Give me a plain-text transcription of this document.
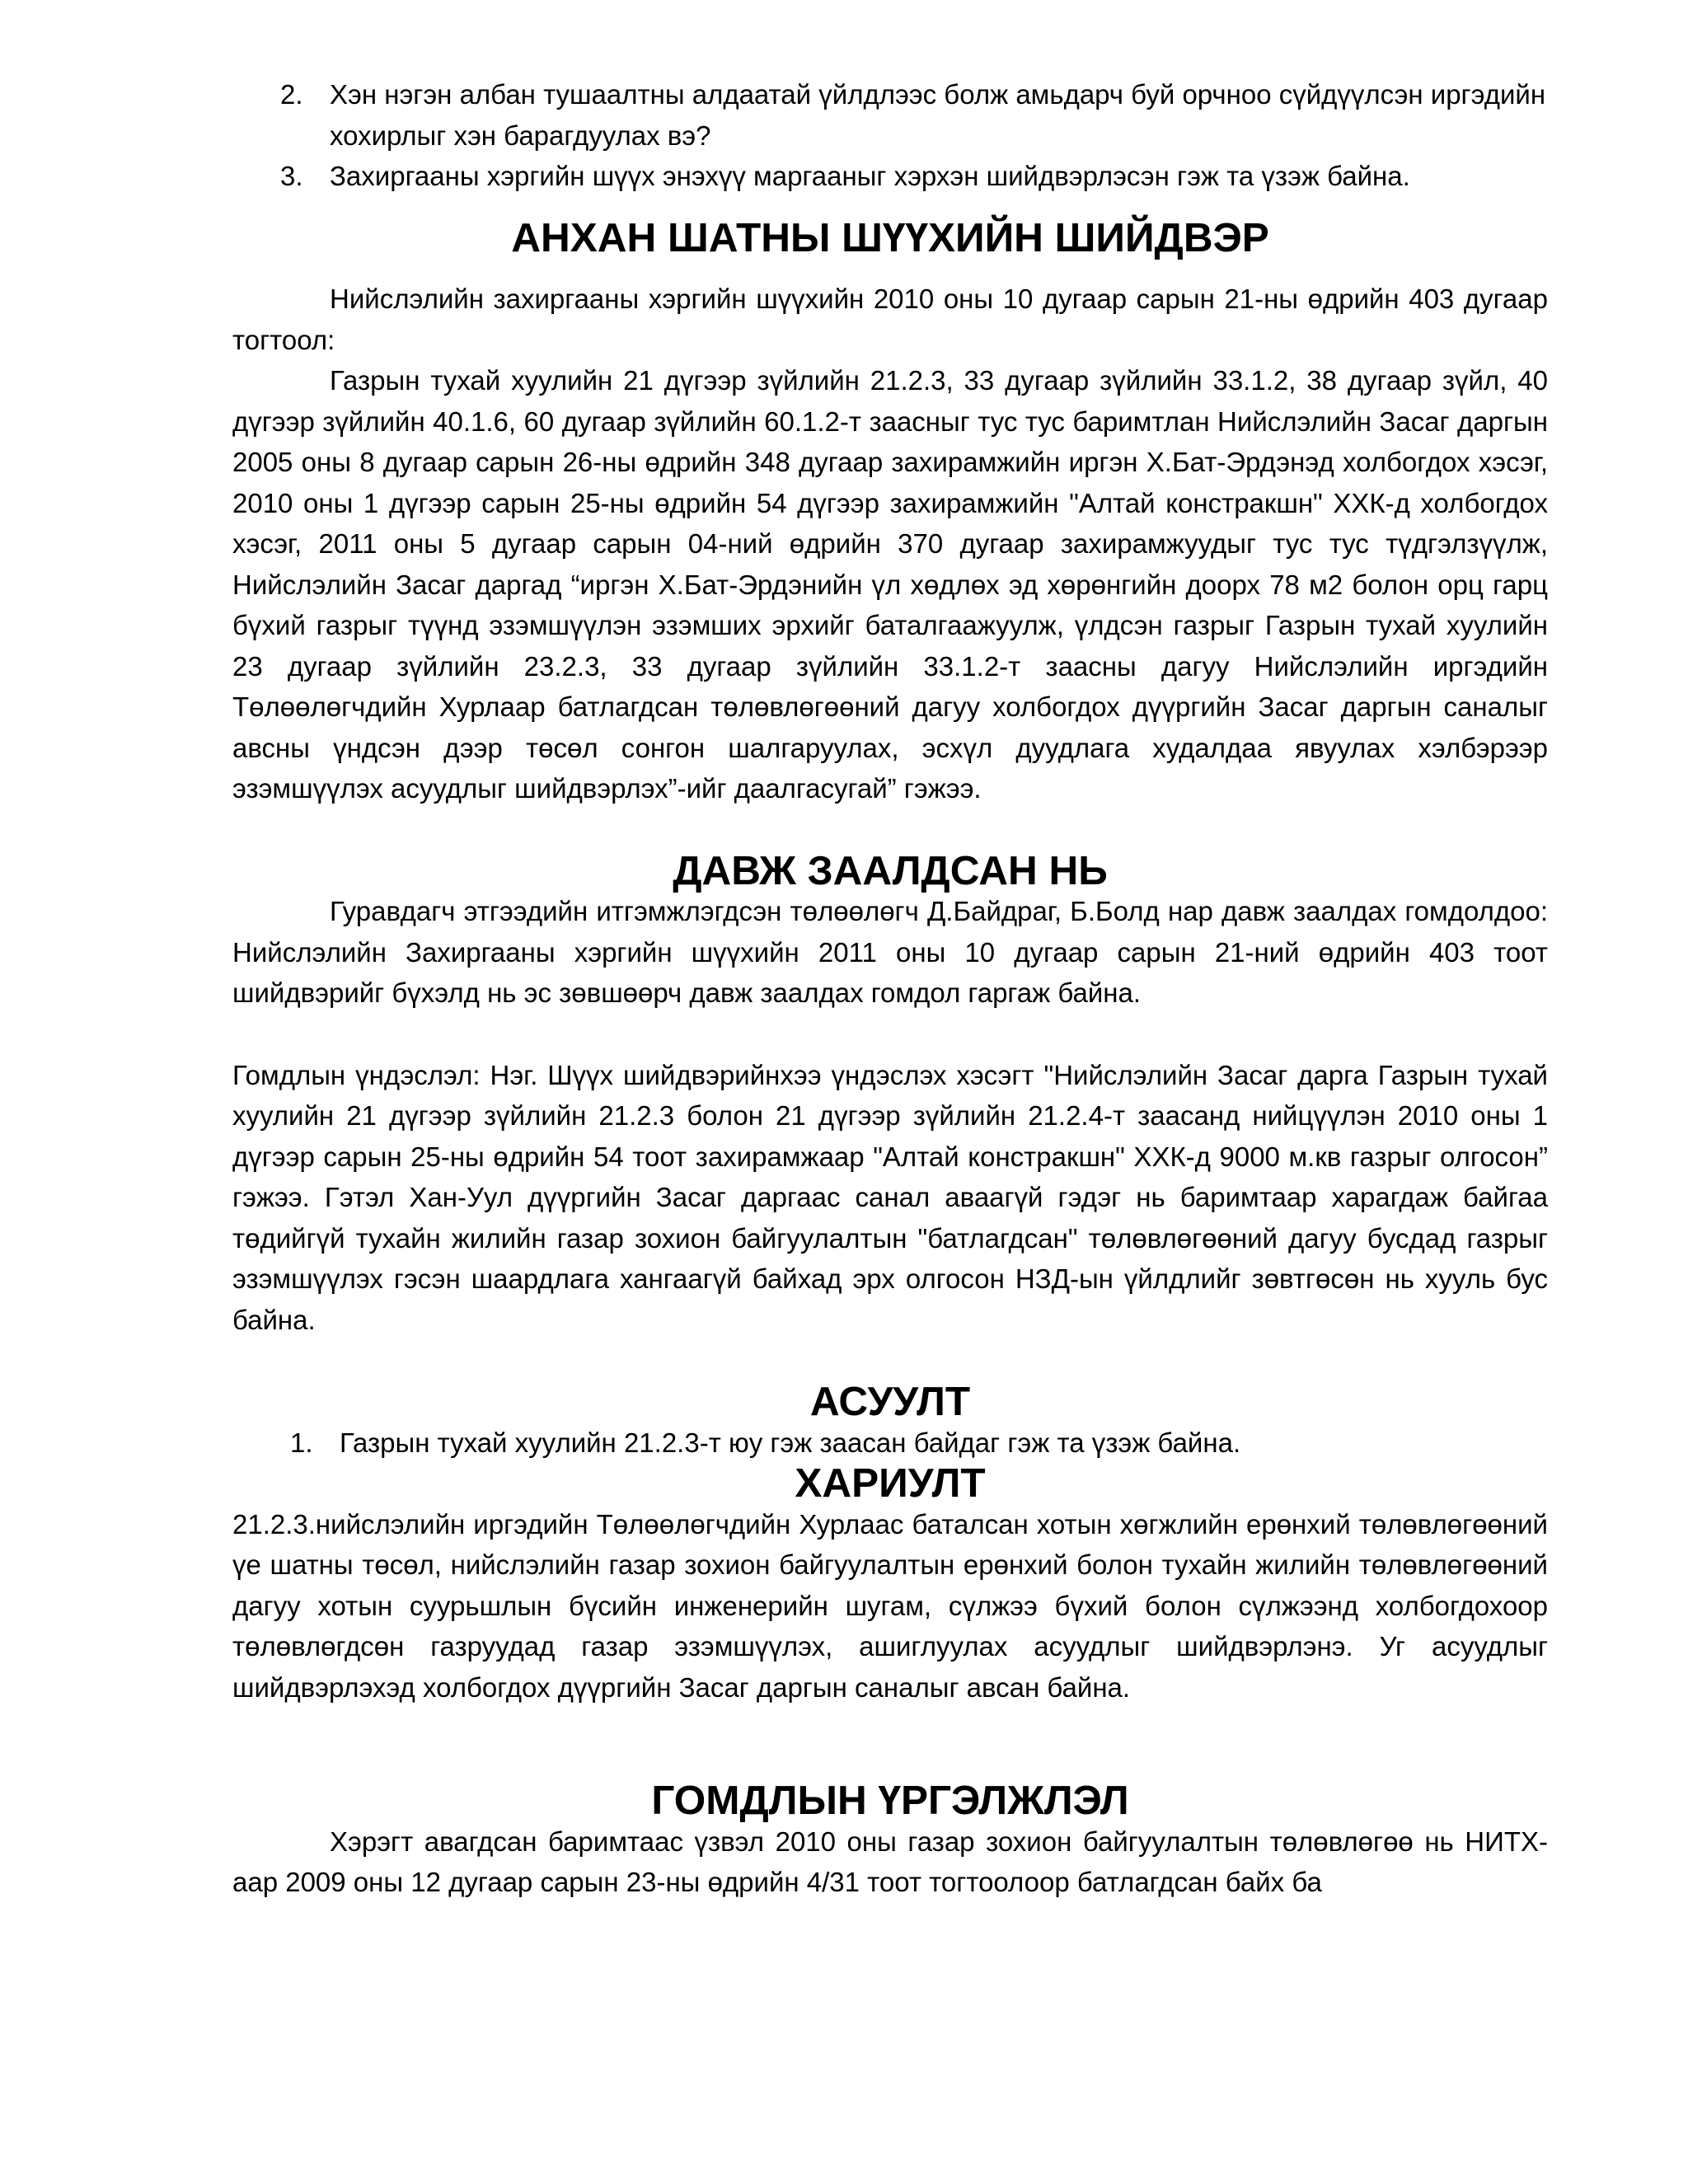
2. Хэн нэгэн албан тушаалтны алдаатай үйлдлээс болж амьдарч буй орчноо сүйдүүлсэн иргэдийн хохирлыг хэн барагдуулах вэ?
3. Захиргааны хэргийн шүүх энэхүү маргааныг хэрхэн шийдвэрлэсэн гэж та үзэж байна.
АНХАН ШАТНЫ ШҮҮХИЙН ШИЙДВЭР

Нийслэлийн захиргааны хэргийн шүүхийн 2010 оны 10 дугаар сарын 21-ны өдрийн 403 дугаар тогтоол:

Газрын тухай хуулийн 21 дүгээр зүйлийн 21.2.3, 33 дугаар зүйлийн 33.1.2, 38 дугаар зүйл, 40 дүгээр зүйлийн 40.1.6, 60 дугаар зүйлийн 60.1.2-т заасныг тус тус баримтлан Нийслэлийн Засаг даргын 2005 оны 8 дугаар сарын 26-ны өдрийн 348 дугаар захирамжийн иргэн Х.Бат-Эрдэнэд холбогдох хэсэг, 2010 оны 1 дүгээр сарын 25-ны өдрийн 54 дүгээр захирамжийн "Алтай констракшн" ХХК-д холбогдох хэсэг, 2011 оны 5 дугаар сарын 04-ний өдрийн 370 дугаар захирамжуудыг тус тус түдгэлзүүлж, Нийслэлийн Засаг даргад “иргэн Х.Бат-Эрдэнийн үл хөдлөх эд хөрөнгийн доорх 78 м2 болон орц гарц бүхий газрыг түүнд эзэмшүүлэн эзэмших эрхийг баталгаажуулж, үлдсэн газрыг Газрын тухай хуулийн 23 дугаар зүйлийн 23.2.3, 33 дугаар зүйлийн 33.1.2-т заасны дагуу Нийслэлийн иргэдийн Төлөөлөгчдийн Хурлаар батлагдсан төлөвлөгөөний дагуу холбогдох дүүргийн Засаг даргын саналыг авсны үндсэн дээр төсөл сонгон шалгаруулах, эсхүл дуудлага худалдаа явуулах хэлбэрээр эзэмшүүлэх асуудлыг шийдвэрлэх”-ийг даалгасугай” гэжээ.

ДАВЖ ЗААЛДСАН НЬ

Гуравдагч этгээдийн итгэмжлэгдсэн төлөөлөгч Д.Байдраг, Б.Болд нар давж заалдах гомдолдоо: Нийслэлийн Захиргааны хэргийн шүүхийн 2011 оны 10 дугаар сарын 21-ний өдрийн 403 тоот шийдвэрийг бүхэлд нь эс зөвшөөрч давж заалдах гомдол гаргаж байна.

Гомдлын үндэслэл: Нэг. Шүүх шийдвэрийнхээ үндэслэх хэсэгт "Нийслэлийн Засаг дарга Газрын тухай хуулийн 21 дүгээр зүйлийн 21.2.3 болон 21 дүгээр зүйлийн 21.2.4-т заасанд нийцүүлэн 2010 оны 1 дүгээр сарын 25-ны өдрийн 54 тоот захирамжаар "Алтай констракшн" ХХК-д 9000 м.кв газрыг олгосон” гэжээ. Гэтэл Хан-Уул дүүргийн Засаг даргаас санал аваагүй гэдэг нь баримтаар харагдаж байгаа төдийгүй тухайн жилийн газар зохион байгуулалтын "батлагдсан" төлөвлөгөөний дагуу бусдад газрыг эзэмшүүлэх гэсэн шаардлага хангаагүй байхад эрх олгосон НЗД-ын үйлдлийг зөвтгөсөн нь хууль бус байна.

АСУУЛТ
1. Газрын тухай хуулийн 21.2.3-т юу гэж заасан байдаг гэж та үзэж байна.
ХАРИУЛТ

21.2.3.нийслэлийн иргэдийн Төлөөлөгчдийн Хурлаас баталсан хотын хөгжлийн ерөнхий төлөвлөгөөний үе шатны төсөл, нийслэлийн газар зохион байгуулалтын ерөнхий болон тухайн жилийн төлөвлөгөөний дагуу хотын суурьшлын бүсийн инженерийн шугам, сүлжээ бүхий болон сүлжээнд холбогдохоор төлөвлөгдсөн газруудад газар эзэмшүүлэх, ашиглуулах асуудлыг шийдвэрлэнэ. Уг асуудлыг шийдвэрлэхэд холбогдох дүүргийн Засаг даргын саналыг авсан байна.

ГОМДЛЫН ҮРГЭЛЖЛЭЛ

Хэрэгт авагдсан баримтаас үзвэл 2010 оны газар зохион байгуулалтын төлөвлөгөө нь НИТХ-аар 2009 оны 12 дугаар сарын 23-ны өдрийн 4/31 тоот тогтоолоор батлагдсан байх ба
